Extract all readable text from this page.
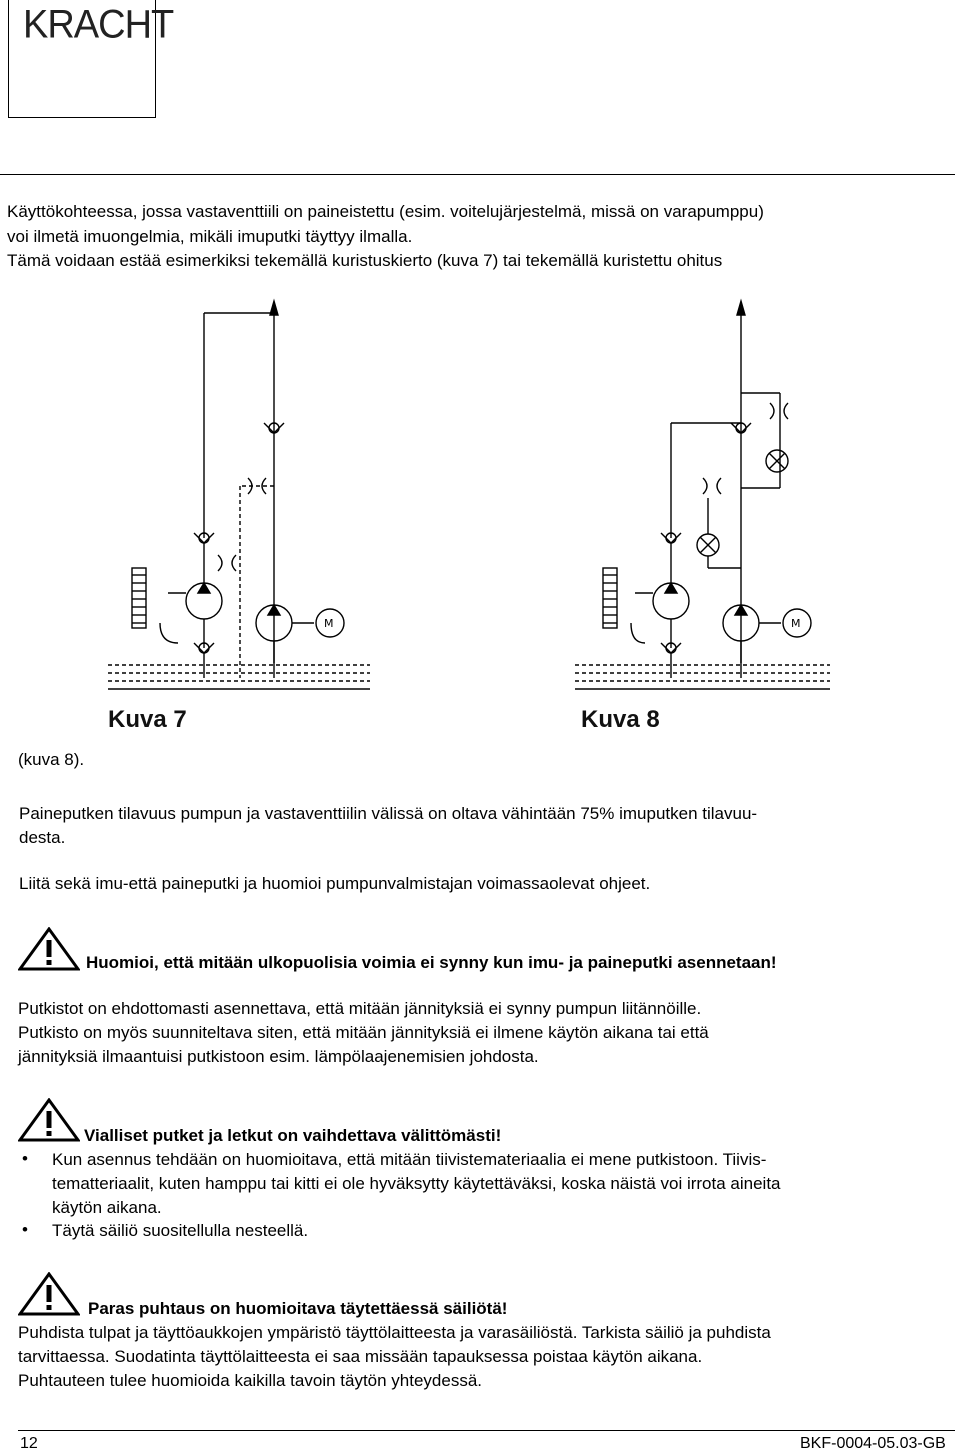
KRACHT
Käyttökohteessa, jossa vastaventtiili on paineistettu (esim. voitelujärjestelmä, missä on varapumppu)
voi ilmetä imuongelmia, mikäli imuputki täyttyy ilmalla.
Tämä voidaan estää esimerkiksi tekemällä kuristuskierto (kuva 7) tai tekemällä kuristettu ohitus
M
Kuva 7
M
Kuva 8
(kuva 8).
Paineputken tilavuus pumpun ja vastaventtiilin välissä on oltava vähintään 75% imuputken tilavuu-
desta.
Liitä sekä imu-että paineputki ja huomioi pumpunvalmistajan voimassaolevat ohjeet.
Huomioi, että mitään ulkopuolisia voimia ei synny kun imu- ja paineputki asennetaan!
Putkistot on ehdottomasti asennettava, että mitään jännityksiä ei synny pumpun liitännöille.
Putkisto on myös suunniteltava siten, että mitään jännityksiä ei ilmene käytön aikana tai että
jännityksiä ilmaantuisi putkistoon esim. lämpölaajenemisien johdosta.
Vialliset putket ja letkut on vaihdettava välittömästi!
• Kun asennus tehdään on huomioitava, että mitään tiivistemateriaalia ei mene putkistoon. Tiivis-
tematteriaalit, kuten hamppu tai kitti ei ole hyväksytty käytettäväksi, koska näistä voi irrota aineita
käytön aikana.
• Täytä säiliö suositellulla nesteellä.
Paras puhtaus on huomioitava täytettäessä säiliötä!
Puhdista tulpat ja täyttöaukkojen ympäristö täyttölaitteesta ja varasäiliöstä. Tarkista säiliö ja puhdista
tarvittaessa. Suodatinta täyttölaitteesta ei saa missään tapauksessa poistaa käytön aikana.
Puhtauteen tulee huomioida kaikilla tavoin täytön yhteydessä.
12	BKF-0004-05.03-GB
